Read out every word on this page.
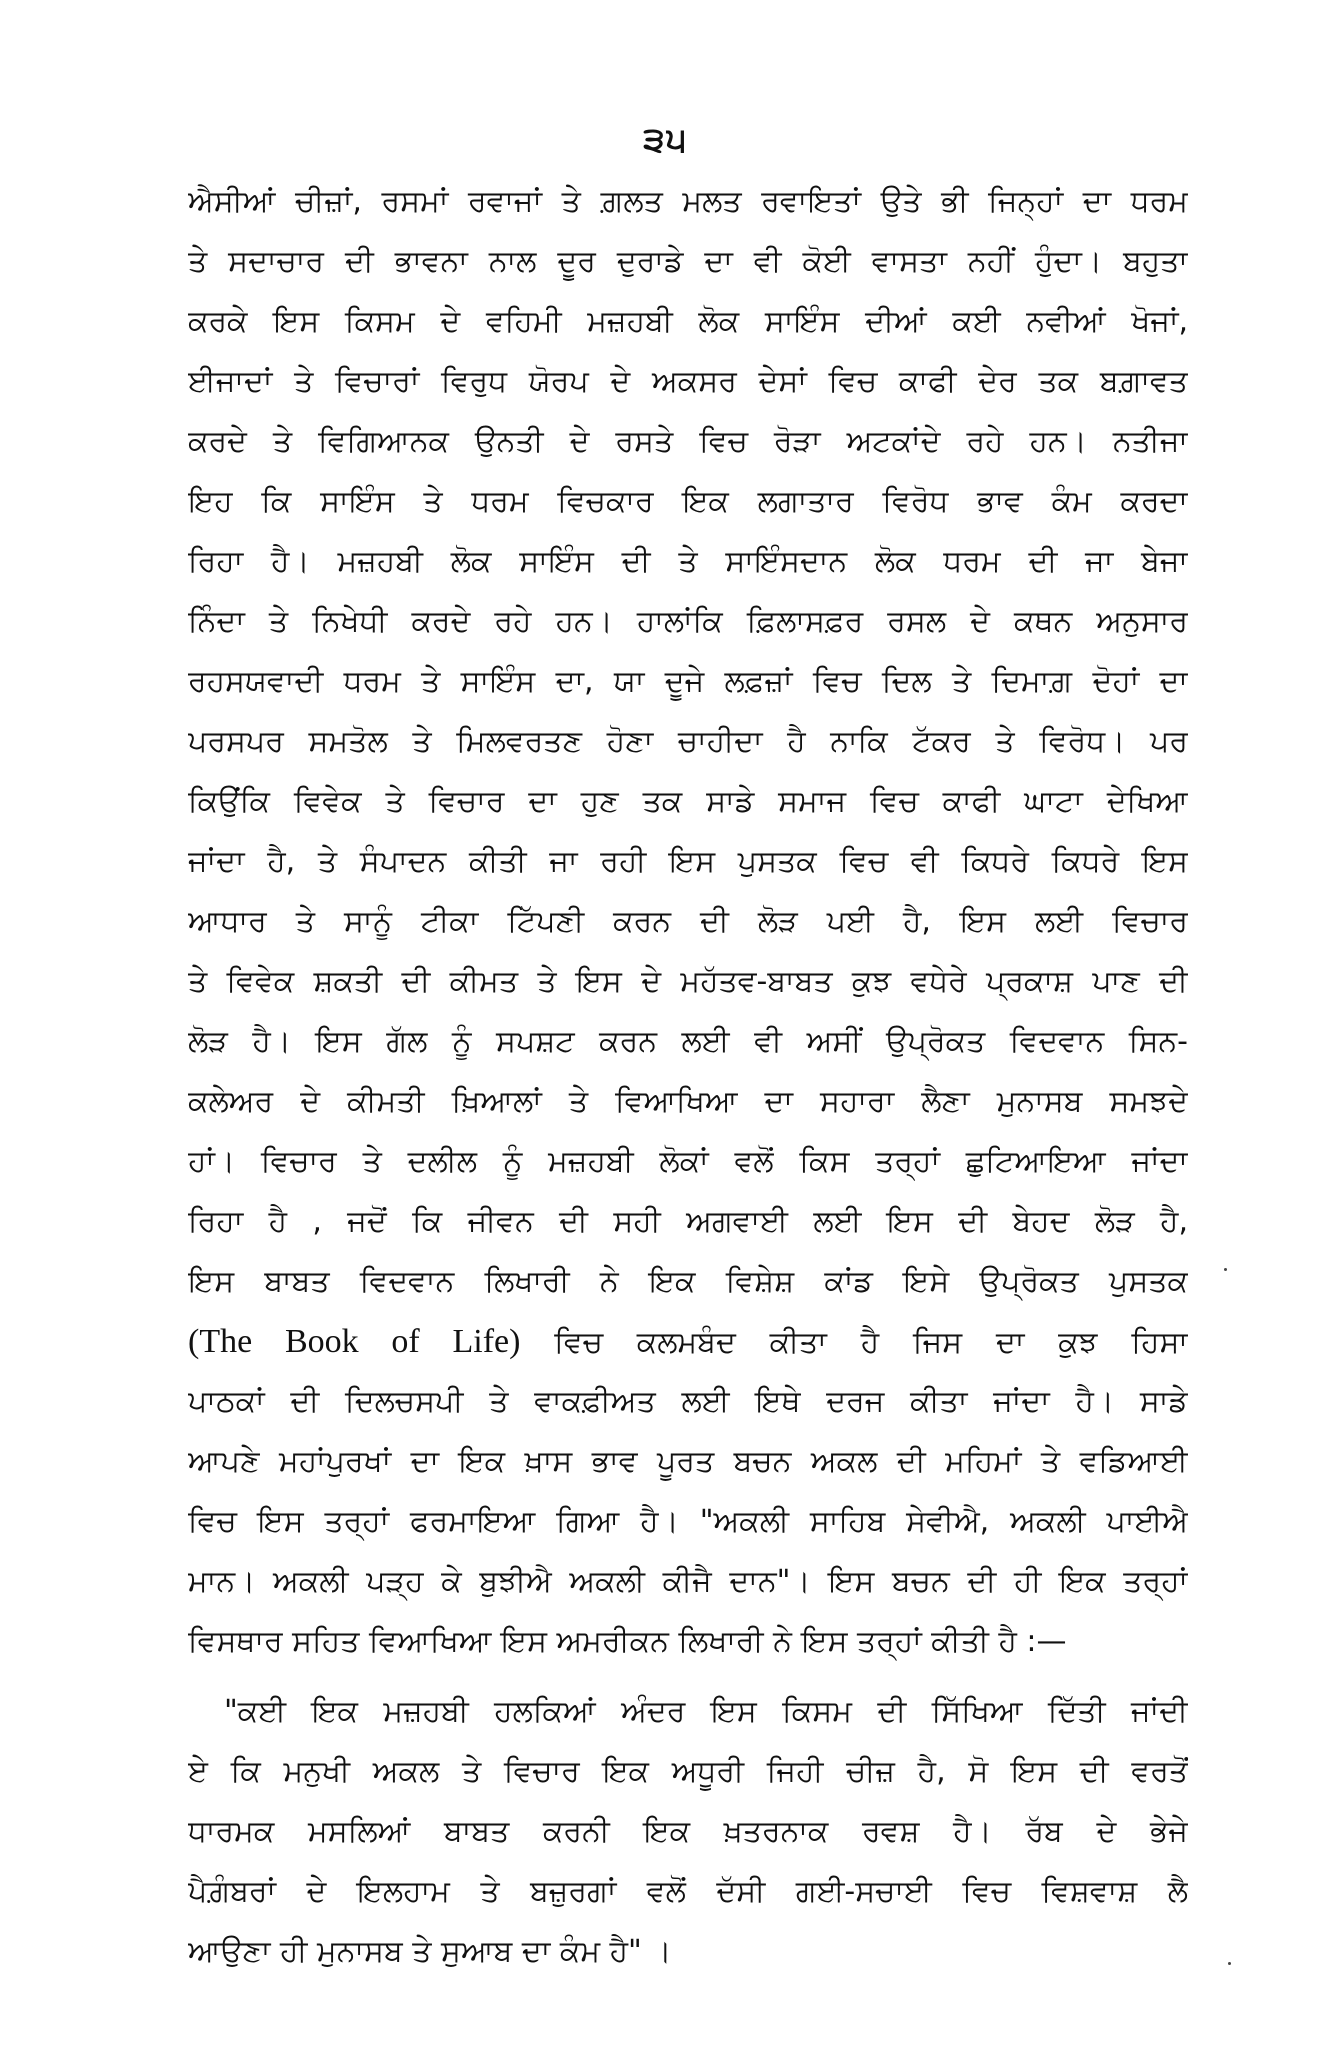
੩੫
ਐਸੀਆਂ ਚੀਜ਼ਾਂ, ਰਸਮਾਂ ਰਵਾਜਾਂ ਤੇ ਗ਼ਲਤ ਮਲਤ ਰਵਾਇਤਾਂ ਉਤੇ ਭੀ ਜਿਨ੍ਹਾਂ ਦਾ ਧਰਮ
ਤੇ ਸਦਾਚਾਰ ਦੀ ਭਾਵਨਾ ਨਾਲ ਦੂਰ ਦੁਰਾਡੇ ਦਾ ਵੀ ਕੋਈ ਵਾਸਤਾ ਨਹੀਂ ਹੁੰਦਾ। ਬਹੁਤਾ
ਕਰਕੇ ਇਸ ਕਿਸਮ ਦੇ ਵਹਿਮੀ ਮਜ਼ਹਬੀ ਲੋਕ ਸਾਇੰਸ ਦੀਆਂ ਕਈ ਨਵੀਆਂ ਖੋਜਾਂ,
ਈਜਾਦਾਂ ਤੇ ਵਿਚਾਰਾਂ ਵਿਰੁਧ ਯੋਰਪ ਦੇ ਅਕਸਰ ਦੇਸਾਂ ਵਿਚ ਕਾਫੀ ਦੇਰ ਤਕ ਬਗ਼ਾਵਤ
ਕਰਦੇ ਤੇ ਵਿਗਿਆਨਕ ਉਨਤੀ ਦੇ ਰਸਤੇ ਵਿਚ ਰੋੜਾ ਅਟਕਾਂਦੇ ਰਹੇ ਹਨ। ਨਤੀਜਾ
ਇਹ ਕਿ ਸਾਇੰਸ ਤੇ ਧਰਮ ਵਿਚਕਾਰ ਇਕ ਲਗਾਤਾਰ ਵਿਰੋਧ ਭਾਵ ਕੰਮ ਕਰਦਾ
ਰਿਹਾ ਹੈ। ਮਜ਼ਹਬੀ ਲੋਕ ਸਾਇੰਸ ਦੀ ਤੇ ਸਾਇੰਸਦਾਨ ਲੋਕ ਧਰਮ ਦੀ ਜਾ ਬੇਜਾ
ਨਿੰਦਾ ਤੇ ਨਿਖੇਧੀ ਕਰਦੇ ਰਹੇ ਹਨ। ਹਾਲਾਂਕਿ ਫ਼ਿਲਾਸਫ਼ਰ ਰਸਲ ਦੇ ਕਥਨ ਅਨੁਸਾਰ
ਰਹਸਯਵਾਦੀ ਧਰਮ ਤੇ ਸਾਇੰਸ ਦਾ, ਯਾ ਦੂਜੇ ਲਫ਼ਜ਼ਾਂ ਵਿਚ ਦਿਲ ਤੇ ਦਿਮਾਗ਼ ਦੋਹਾਂ ਦਾ
ਪਰਸਪਰ ਸਮਤੋਲ ਤੇ ਮਿਲਵਰਤਣ ਹੋਣਾ ਚਾਹੀਦਾ ਹੈ ਨਾਕਿ ਟੱਕਰ ਤੇ ਵਿਰੋਧ। ਪਰ
ਕਿਉਂਕਿ ਵਿਵੇਕ ਤੇ ਵਿਚਾਰ ਦਾ ਹੁਣ ਤਕ ਸਾਡੇ ਸਮਾਜ ਵਿਚ ਕਾਫੀ ਘਾਟਾ ਦੇਖਿਆ
ਜਾਂਦਾ ਹੈ, ਤੇ ਸੰਪਾਦਨ ਕੀਤੀ ਜਾ ਰਹੀ ਇਸ ਪੁਸਤਕ ਵਿਚ ਵੀ ਕਿਧਰੇ ਕਿਧਰੇ ਇਸ
ਆਧਾਰ ਤੇ ਸਾਨੂੰ ਟੀਕਾ ਟਿੱਪਣੀ ਕਰਨ ਦੀ ਲੋੜ ਪਈ ਹੈ, ਇਸ ਲਈ ਵਿਚਾਰ
ਤੇ ਵਿਵੇਕ ਸ਼ਕਤੀ ਦੀ ਕੀਮਤ ਤੇ ਇਸ ਦੇ ਮਹੱਤਵ-ਬਾਬਤ ਕੁਝ ਵਧੇਰੇ ਪ੍ਰਕਾਸ਼ ਪਾਣ ਦੀ
ਲੋੜ ਹੈ। ਇਸ ਗੱਲ ਨੂੰ ਸਪਸ਼ਟ ਕਰਨ ਲਈ ਵੀ ਅਸੀਂ ਉਪ੍ਰੋਕਤ ਵਿਦਵਾਨ ਸਿਨ-
ਕਲੇਅਰ ਦੇ ਕੀਮਤੀ ਖ਼ਿਆਲਾਂ ਤੇ ਵਿਆਖਿਆ ਦਾ ਸਹਾਰਾ ਲੈਣਾ ਮੁਨਾਸਬ ਸਮਝਦੇ
ਹਾਂ। ਵਿਚਾਰ ਤੇ ਦਲੀਲ ਨੂੰ ਮਜ਼ਹਬੀ ਲੋਕਾਂ ਵਲੋਂ ਕਿਸ ਤਰ੍ਹਾਂ ਛੁਟਿਆਇਆ ਜਾਂਦਾ
ਰਿਹਾ ਹੈ , ਜਦੋਂ ਕਿ ਜੀਵਨ ਦੀ ਸਹੀ ਅਗਵਾਈ ਲਈ ਇਸ ਦੀ ਬੇਹਦ ਲੋੜ ਹੈ,
ਇਸ ਬਾਬਤ ਵਿਦਵਾਨ ਲਿਖਾਰੀ ਨੇ ਇਕ ਵਿਸ਼ੇਸ਼ ਕਾਂਡ ਇਸੇ ਉਪ੍ਰੋਕਤ ਪੁਸਤਕ
(The Book of Life) ਵਿਚ ਕਲਮਬੰਦ ਕੀਤਾ ਹੈ ਜਿਸ ਦਾ ਕੁਝ ਹਿਸਾ
ਪਾਠਕਾਂ ਦੀ ਦਿਲਚਸਪੀ ਤੇ ਵਾਕਫ਼ੀਅਤ ਲਈ ਇਥੇ ਦਰਜ ਕੀਤਾ ਜਾਂਦਾ ਹੈ। ਸਾਡੇ
ਆਪਣੇ ਮਹਾਂਪੁਰਖਾਂ ਦਾ ਇਕ ਖ਼ਾਸ ਭਾਵ ਪੂਰਤ ਬਚਨ ਅਕਲ ਦੀ ਮਹਿਮਾਂ ਤੇ ਵਡਿਆਈ
ਵਿਚ ਇਸ ਤਰ੍ਹਾਂ ਫਰਮਾਇਆ ਗਿਆ ਹੈ। "ਅਕਲੀ ਸਾਹਿਬ ਸੇਵੀਐ, ਅਕਲੀ ਪਾਈਐ
ਮਾਨ। ਅਕਲੀ ਪੜ੍ਹ ਕੇ ਬੁਝੀਐ ਅਕਲੀ ਕੀਜੈ ਦਾਨ"। ਇਸ ਬਚਨ ਦੀ ਹੀ ਇਕ ਤਰ੍ਹਾਂ
ਵਿਸਥਾਰ ਸਹਿਤ ਵਿਆਖਿਆ ਇਸ ਅਮਰੀਕਨ ਲਿਖਾਰੀ ਨੇ ਇਸ ਤਰ੍ਹਾਂ ਕੀਤੀ ਹੈ :—
"ਕਈ ਇਕ ਮਜ਼ਹਬੀ ਹਲਕਿਆਂ ਅੰਦਰ ਇਸ ਕਿਸਮ ਦੀ ਸਿੱਖਿਆ ਦਿੱਤੀ ਜਾਂਦੀ
ਏ ਕਿ ਮਨੁਖੀ ਅਕਲ ਤੇ ਵਿਚਾਰ ਇਕ ਅਧੂਰੀ ਜਿਹੀ ਚੀਜ਼ ਹੈ, ਸੋ ਇਸ ਦੀ ਵਰਤੋਂ
ਧਾਰਮਕ ਮਸਲਿਆਂ ਬਾਬਤ ਕਰਨੀ ਇਕ ਖ਼ਤਰਨਾਕ ਰਵਸ਼ ਹੈ। ਰੱਬ ਦੇ ਭੇਜੇ
ਪੈਗ਼ੰਬਰਾਂ ਦੇ ਇਲਹਾਮ ਤੇ ਬਜ਼ੁਰਗਾਂ ਵਲੋਂ ਦੱਸੀ ਗਈ-ਸਚਾਈ ਵਿਚ ਵਿਸ਼ਵਾਸ਼ ਲੈ
ਆਉਣਾ ਹੀ ਮੁਨਾਸਬ ਤੇ ਸੁਆਬ ਦਾ ਕੰਮ ਹੈ" ।
